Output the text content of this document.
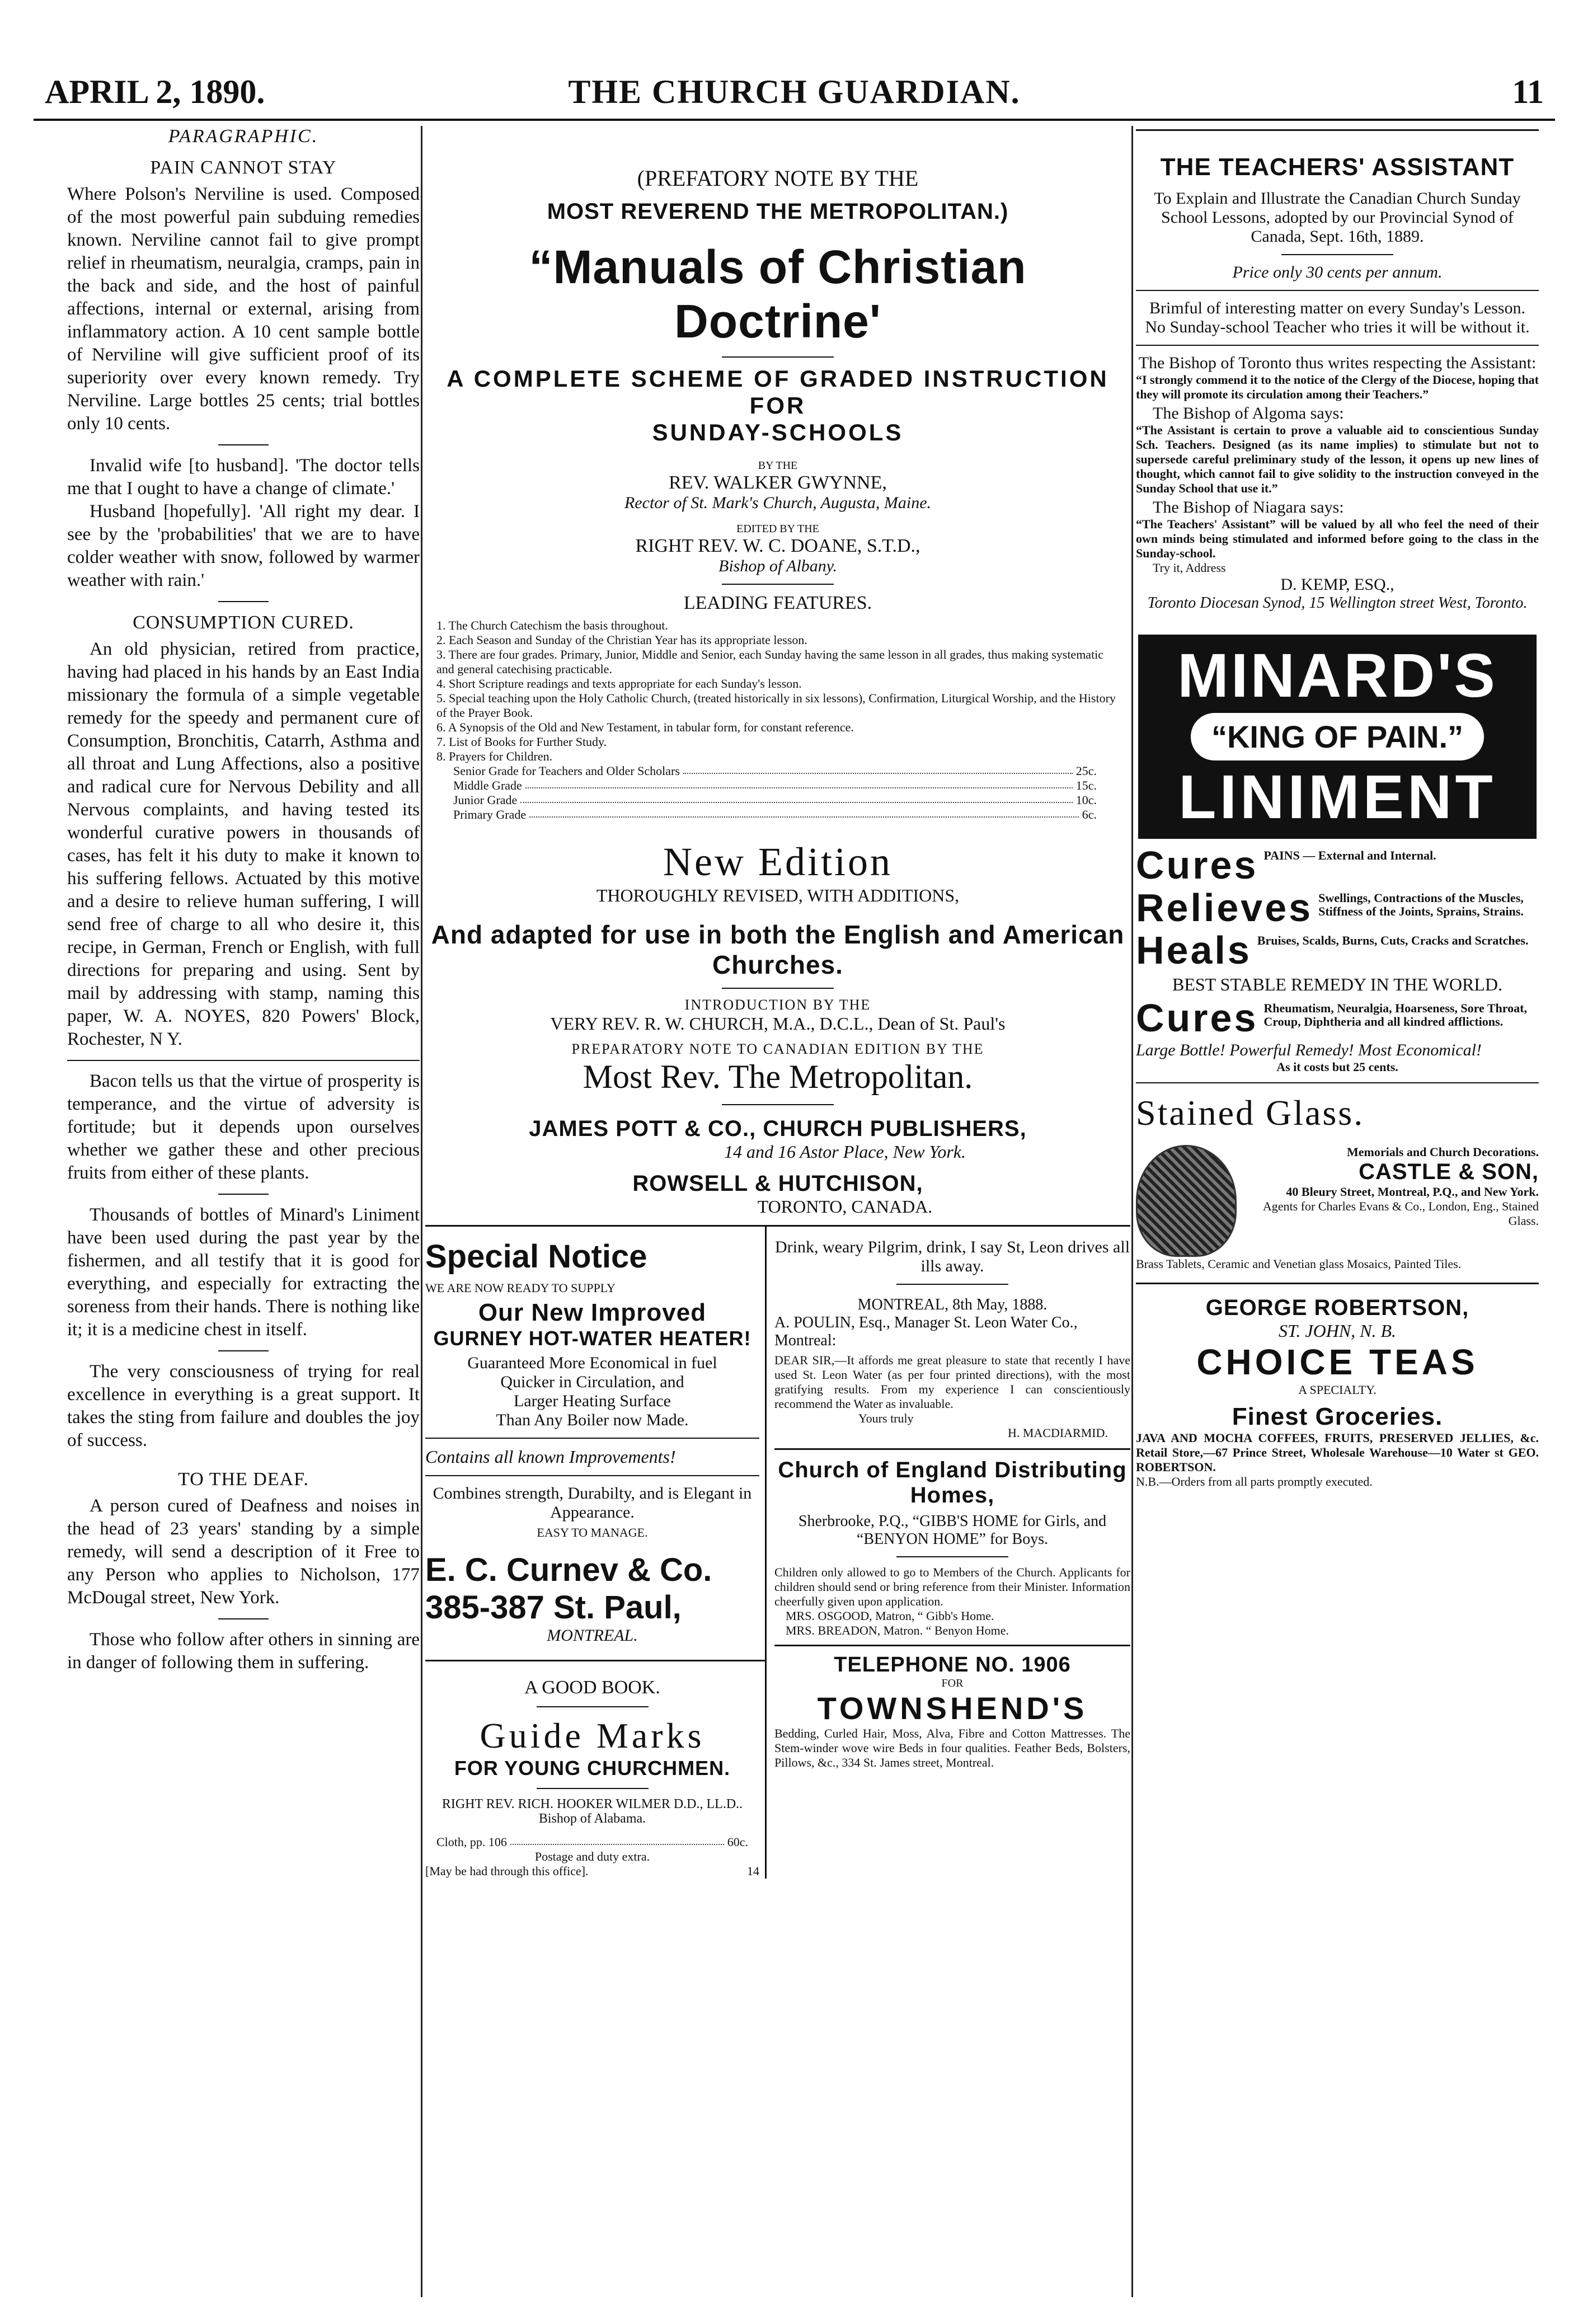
APRIL 2, 1890.	THE CHURCH GUARDIAN.	11
PARAGRAPHIC.
PAIN CANNOT STAY

Where Polson's Nerviline is used. Composed of the most powerful pain subduing remedies known. Nerviline cannot fail to give prompt relief in rheumatism, neuralgia, cramps, pain in the back and side, and the host of painful affections, internal or external, arising from inflammatory action. A 10 cent sample bottle of Nerviline will give sufficient proof of its superiority over every known remedy. Try Nerviline. Large bottles 25 cents; trial bottles only 10 cents.

Invalid wife [to husband]. 'The doctor tells me that I ought to have a change of climate.'

Husband [hopefully]. 'All right my dear. I see by the 'probabilities' that we are to have colder weather with snow, followed by warmer weather with rain.'

CONSUMPTION CURED.

An old physician, retired from practice, having had placed in his hands by an East India missionary the formula of a simple vegetable remedy for the speedy and permanent cure of Consumption, Bronchitis, Catarrh, Asthma and all throat and Lung Affections, also a positive and radical cure for Nervous Debility and all Nervous complaints, and having tested its wonderful curative powers in thousands of cases, has felt it his duty to make it known to his suffering fellows. Actuated by this motive and a desire to relieve human suffering, I will send free of charge to all who desire it, this recipe, in German, French or English, with full directions for preparing and using. Sent by mail by addressing with stamp, naming this paper, W. A. NOYES, 820 Powers' Block, Rochester, N Y.

Bacon tells us that the virtue of prosperity is temperance, and the virtue of adversity is fortitude; but it depends upon ourselves whether we gather these and other precious fruits from either of these plants.

Thousands of bottles of Minard's Liniment have been used during the past year by the fishermen, and all testify that it is good for everything, and especially for extracting the soreness from their hands. There is nothing like it; it is a medicine chest in itself.

The very consciousness of trying for real excellence in everything is a great support. It takes the sting from failure and doubles the joy of success.

TO THE DEAF.

A person cured of Deafness and noises in the head of 23 years' standing by a simple remedy, will send a description of it Free to any Person who applies to Nicholson, 177 McDougal street, New York.

Those who follow after others in sinning are in danger of following them in suffering.

(PREFATORY NOTE BY THE
MOST REVEREND THE METROPOLITAN.)
“Manuals of Christian Doctrine'
A COMPLETE SCHEME OF GRADED INSTRUCTION FOR
SUNDAY-SCHOOLS
BY THE
REV. WALKER GWYNNE,
Rector of St. Mark's Church, Augusta, Maine.
EDITED BY THE
RIGHT REV. W. C. DOANE, S.T.D.,
Bishop of Albany.
LEADING FEATURES.
1. The Church Catechism the basis throughout.
2. Each Season and Sunday of the Christian Year has its appropriate lesson.
3. There are four grades. Primary, Junior, Middle and Senior, each Sunday having the same lesson in all grades, thus making systematic and general catechising practicable.
4. Short Scripture readings and texts appropriate for each Sunday's lesson.
5. Special teaching upon the Holy Catholic Church, (treated historically in six lessons), Confirmation, Liturgical Worship, and the History of the Prayer Book.
6. A Synopsis of the Old and New Testament, in tabular form, for constant reference.
7. List of Books for Further Study.
8. Prayers for Children.
Senior Grade for Teachers and Older Scholars	25c.
Middle Grade	15c.
Junior Grade	10c.
Primary Grade	6c.
New Edition
THOROUGHLY REVISED, WITH ADDITIONS,
And adapted for use in both the English and American Churches.
INTRODUCTION BY THE
VERY REV. R. W. CHURCH, M.A., D.C.L., Dean of St. Paul's
PREPARATORY NOTE TO CANADIAN EDITION BY THE
Most Rev. The Metropolitan.
JAMES POTT & CO., CHURCH PUBLISHERS,
14 and 16 Astor Place, New York.
ROWSELL & HUTCHISON,
TORONTO, CANADA.
Special Notice
WE ARE NOW READY TO SUPPLY
Our New Improved
GURNEY HOT-WATER HEATER!
Guaranteed More Economical in fuel
Quicker in Circulation, and
Larger Heating Surface
Than Any Boiler now Made.
Contains all known Improvements!
Combines strength, Durabilty, and is Elegant in Appearance.
EASY TO MANAGE.
E. C. Curnev & Co.
385-387 St. Paul,
MONTREAL.
A GOOD BOOK.
Guide Marks
FOR YOUNG CHURCHMEN.
RIGHT REV. RICH. HOOKER WILMER D.D., LL.D.. Bishop of Alabama.
Cloth, pp. 106	60c.
Postage and duty extra.
[May be had through this office].	14
Drink, weary Pilgrim, drink, I say St, Leon drives all ills away.
MONTREAL, 8th May, 1888.
A. POULIN, Esq., Manager St. Leon Water Co., Montreal:
DEAR SIR,—It affords me great pleasure to state that recently I have used St. Leon Water (as per four printed directions), with the most gratifying results. From my experience I can conscientiously recommend the Water as invaluable.
Yours truly
H. MACDIARMID.
Church of England Distributing Homes,
Sherbrooke, P.Q., “GIBB'S HOME for Girls, and “BENYON HOME” for Boys.
Children only allowed to go to Members of the Church. Applicants for children should send or bring reference from their Minister. Information cheerfully given upon application.
MRS. OSGOOD, Matron, “ Gibb's Home.
MRS. BREADON, Matron. “ Benyon Home.
TELEPHONE NO. 1906
FOR
TOWNSHEND'S
Bedding, Curled Hair, Moss, Alva, Fibre and Cotton Mattresses. The Stem-winder wove wire Beds in four qualities. Feather Beds, Bolsters, Pillows, &c., 334 St. James street, Montreal.
THE TEACHERS' ASSISTANT
To Explain and Illustrate the Canadian Church Sunday School Lessons, adopted by our Provincial Synod of Canada, Sept. 16th, 1889.
Price only 30 cents per annum.
Brimful of interesting matter on every Sunday's Lesson.
No Sunday-school Teacher who tries it will be without it.
The Bishop of Toronto thus writes respecting the Assistant:
“I strongly commend it to the notice of the Clergy of the Diocese, hoping that they will promote its circulation among their Teachers.”
The Bishop of Algoma says:
“The Assistant is certain to prove a valuable aid to conscientious Sunday Sch. Teachers. Designed (as its name implies) to stimulate but not to supersede careful preliminary study of the lesson, it opens up new lines of thought, which cannot fail to give solidity to the instruction conveyed in the Sunday School that use it.”
The Bishop of Niagara says:
“The Teachers' Assistant” will be valued by all who feel the need of their own minds being stimulated and informed before going to the class in the Sunday-school.
Try it, Address
D. KEMP, ESQ.,
Toronto Diocesan Synod, 15 Wellington street West, Toronto.
MINARD'S
“KING OF PAIN.”
LINIMENT
Cures PAINS — External and Internal.
Relieves Swellings, Contractions of the Muscles, Stiffness of the Joints, Sprains, Strains.
Heals Bruises, Scalds, Burns, Cuts, Cracks and Scratches.
BEST STABLE REMEDY IN THE WORLD.
Cures Rheumatism, Neuralgia, Hoarseness, Sore Throat, Croup, Diphtheria and all kindred afflictions.
Large Bottle! Powerful Remedy! Most Economical!
As it costs but 25 cents.
Stained Glass.
Memorials and Church Decorations.
CASTLE & SON,
40 Bleury Street, Montreal, P.Q., and New York.
Agents for Charles Evans & Co., London, Eng., Stained Glass.
Brass Tablets, Ceramic and Venetian glass Mosaics, Painted Tiles.
GEORGE ROBERTSON,
ST. JOHN, N. B.
CHOICE TEAS
A SPECIALTY.
Finest Groceries.
JAVA AND MOCHA COFFEES, FRUITS, PRESERVED JELLIES, &c. Retail Store,—67 Prince Street, Wholesale Warehouse—10 Water st GEO. ROBERTSON.
N.B.—Orders from all parts promptly executed.
